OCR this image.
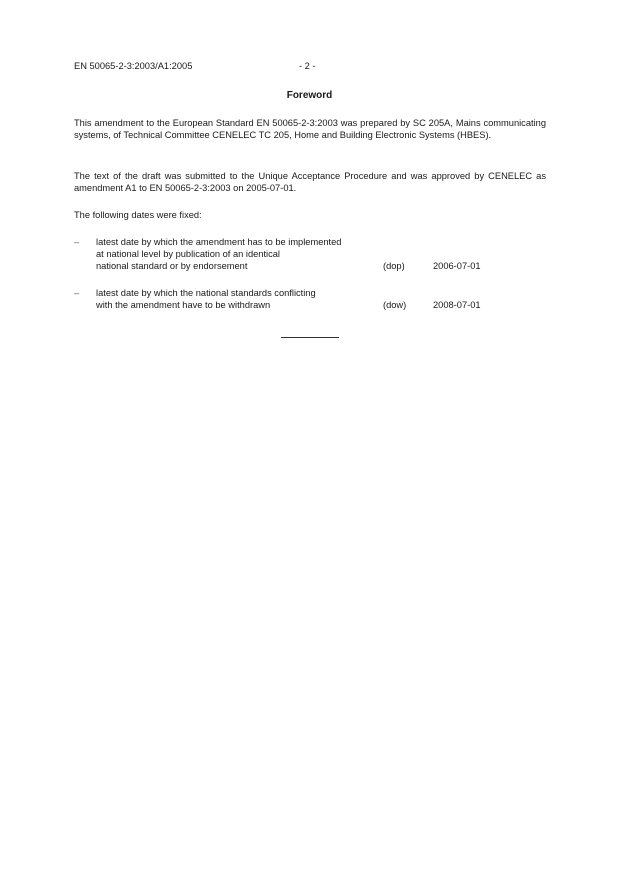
EN 50065-2-3:2003/A1:2005	- 2 -
Foreword
This amendment to the European Standard EN 50065-2-3:2003 was prepared by SC 205A, Mains communicating systems, of Technical Committee CENELEC TC 205, Home and Building Electronic Systems (HBES).
The text of the draft was submitted to the Unique Acceptance Procedure and was approved by CENELEC as amendment A1 to EN 50065-2-3:2003 on 2005-07-01.
The following dates were fixed:
– latest date by which the amendment has to be implemented
at national level by publication of an identical
national standard or by endorsement	(dop)	2006-07-01
– latest date by which the national standards conflicting
with the amendment have to be withdrawn	(dow)	2008-07-01
